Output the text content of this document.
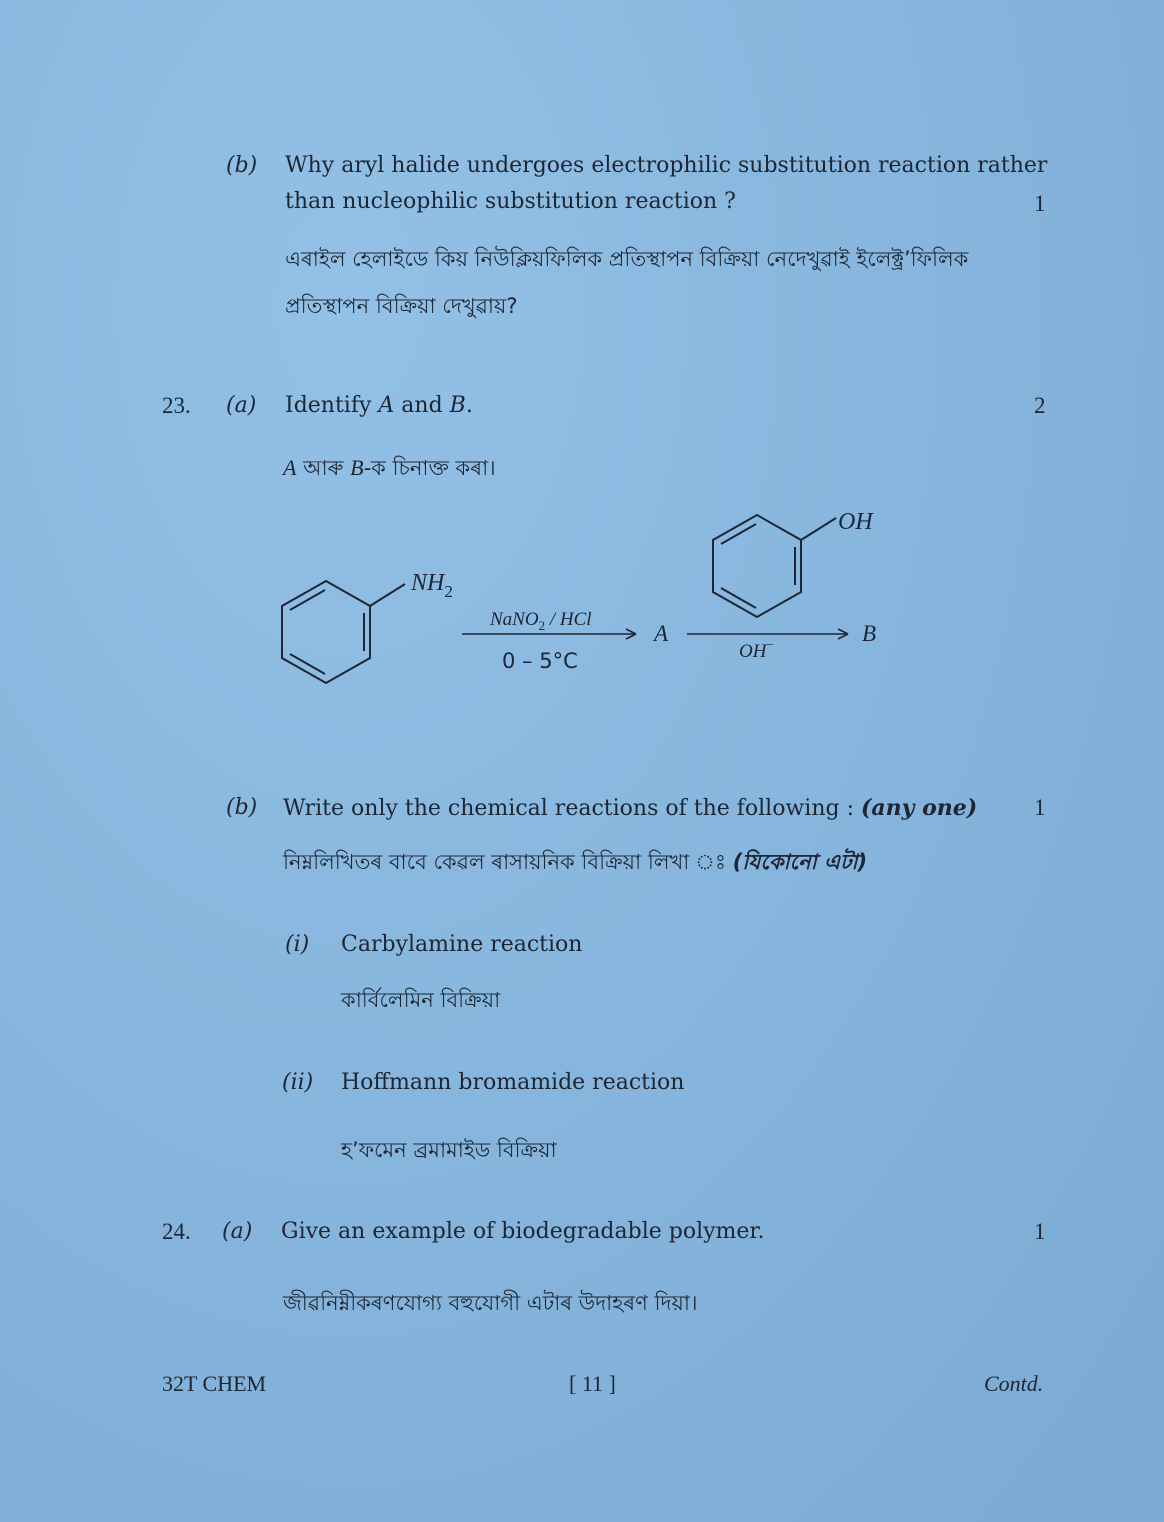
(b) Why aryl halide undergoes electrophilic substitution reaction rather
than nucleophilic substitution reaction ?	1
এৰাইল হেলাইডে কিয় নিউক্লিয়ফিলিক প্ৰতিস্থাপন বিক্ৰিয়া নেদেখুৱাই ইলেক্ট্ৰ’ফিলিক
প্ৰতিস্থাপন বিক্ৰিয়া দেখুৱায়?
23. (a) Identify A and B.	2
A আৰু B-ক চিনাক্ত কৰা।
$NH_2$
NaNO$_2$ / HCl
0 – 5°C
A
OH
OH−	B
(b) Write only the chemical reactions of the following : (any one) 1
নিম্নলিখিতৰ বাবে কেৱল ৰাসায়নিক বিক্ৰিয়া লিখা ঃ (যিকোনো এটা)
(i) Carbylamine reaction
কাৰ্বিলেমিন বিক্ৰিয়া
(ii) Hoffmann bromamide reaction
হ’ফমেন ব্ৰমামাইড বিক্ৰিয়া
24. (a) Give an example of biodegradable polymer.	1
জীৱনিম্নীকৰণযোগ্য বহুযোগী এটাৰ উদাহৰণ দিয়া।
32T CHEM	[ 11 ]	Contd.
